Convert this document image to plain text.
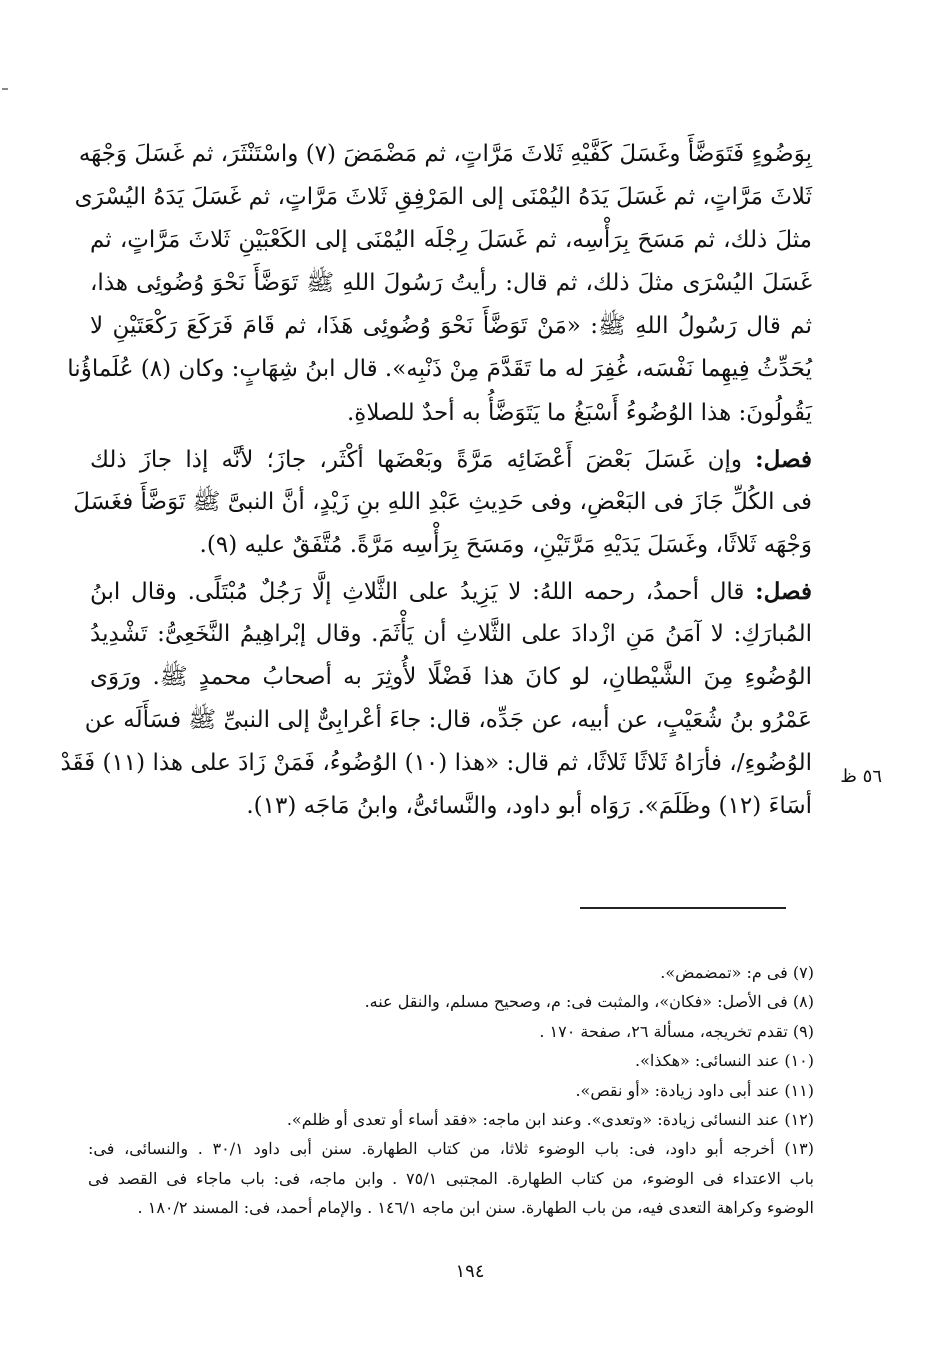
بِوَضُوءٍ فَتَوَضَّأَ وغَسَلَ كَفَّيْهِ ثَلاثَ مَرَّاتٍ، ثم مَضْمَضَ (٧) واسْتَنْثَرَ، ثم غَسَلَ وَجْهَه
ثَلاثَ مَرَّاتٍ، ثم غَسَلَ يَدَهُ اليُمْنَى إلى المَرْفِقِ ثَلاثَ مَرَّاتٍ، ثم غَسَلَ يَدَهُ اليُسْرَى
مثلَ ذلك، ثم مَسَحَ بِرَأْسِه، ثم غَسَلَ رِجْلَه اليُمْنَى إلى الكَعْبَيْنِ ثَلاثَ مَرَّاتٍ، ثم
غَسَلَ اليُسْرَى مثلَ ذلك، ثم قال: رأيتُ رَسُولَ اللهِ ﷺ تَوَضَّأَ نَحْوَ وُضُوئِى هذا،
ثم قال رَسُولُ اللهِ ﷺ: «مَنْ تَوَضَّأَ نَحْوَ وُضُوئِى هَذَا، ثم قَامَ فَرَكَعَ رَكْعَتَيْنِ لا
يُحَدِّثُ فِيهِما نَفْسَه، غُفِرَ له ما تَقَدَّمَ مِنْ ذَنْبِه». قال ابنُ شِهَابٍ: وكان (٨) عُلَماؤُنا
يَقُولُونَ: هذا الوُضُوءُ أَسْبَغُ ما يَتَوَضَّأُ به أحدٌ للصلاةِ.
فصل: وإن غَسَلَ بَعْضَ أَعْضَائِه مَرَّةً وبَعْضَها أكْثَر، جازَ؛ لأنَّه إذا جازَ ذلك
فى الكُلِّ جَازَ فى البَعْضِ، وفى حَدِيثِ عَبْدِ اللهِ بنِ زَيْدٍ، أنَّ النبىَّ ﷺ تَوَضَّأَ فغَسَلَ
وَجْهَه ثَلاثًا، وغَسَلَ يَدَيْهِ مَرَّتَيْنِ، ومَسَحَ بِرَأْسِه مَرَّةً. مُتَّفَقٌ عليه (٩).
فصل: قال أحمدُ، رحمه اللهُ: لا يَزِيدُ على الثَّلاثِ إلَّا رَجُلٌ مُبْتَلًى. وقال ابنُ
المُبارَكِ: لا آمَنُ مَنِ ازْدادَ على الثَّلاثِ أن يَأْثَمَ. وقال إبْراهِيمُ النَّخَعِىُّ: تَشْدِيدُ
الوُضُوءِ مِنَ الشَّيْطانِ، لو كانَ هذا فَضْلًا لأُوثِرَ به أصحابُ محمدٍ ﷺ. ورَوَى
عَمْرُو بنُ شُعَيْبٍ، عن أبيه، عن جَدِّه، قال: جاءَ أعْرابِىٌّ إلى النبىِّ ﷺ فسَأَلَه عن
الوُضُوءِ/، فأرَاهُ ثَلاثًا ثَلاثًا، ثم قال: «هذا (١٠) الوُضُوءُ، فَمَنْ زَادَ على هذا (١١) فَقَدْ
أسَاءَ (١٢) وظَلَمَ». رَوَاه أبو داود، والنَّسائىُّ، وابنُ مَاجَه (١٣).
٥٦ ظ
(٧) فى م: «تمضمض».
(٨) فى الأصل: «فكان»، والمثبت فى: م، وصحيح مسلم، والنقل عنه.
(٩) تقدم تخريجه، مسألة ٢٦، صفحة ١٧٠ .
(١٠) عند النسائى: «هكذا».
(١١) عند أبى داود زيادة: «أو نقص».
(١٢) عند النسائى زيادة: «وتعدى». وعند ابن ماجه: «فقد أساء أو تعدى أو ظلم».
(١٣) أخرجه أبو داود، فى: باب الوضوء ثلاثا، من كتاب الطهارة. سنن أبى داود ٣٠/١ . والنسائى، فى:
باب الاعتداء فى الوضوء، من كتاب الطهارة. المجتبى ٧٥/١ . وابن ماجه، فى: باب ماجاء فى القصد فى
الوضوء وكراهة التعدى فيه، من باب الطهارة. سنن ابن ماجه ١٤٦/١ . والإمام أحمد، فى: المسند ١٨٠/٢ .
١٩٤
